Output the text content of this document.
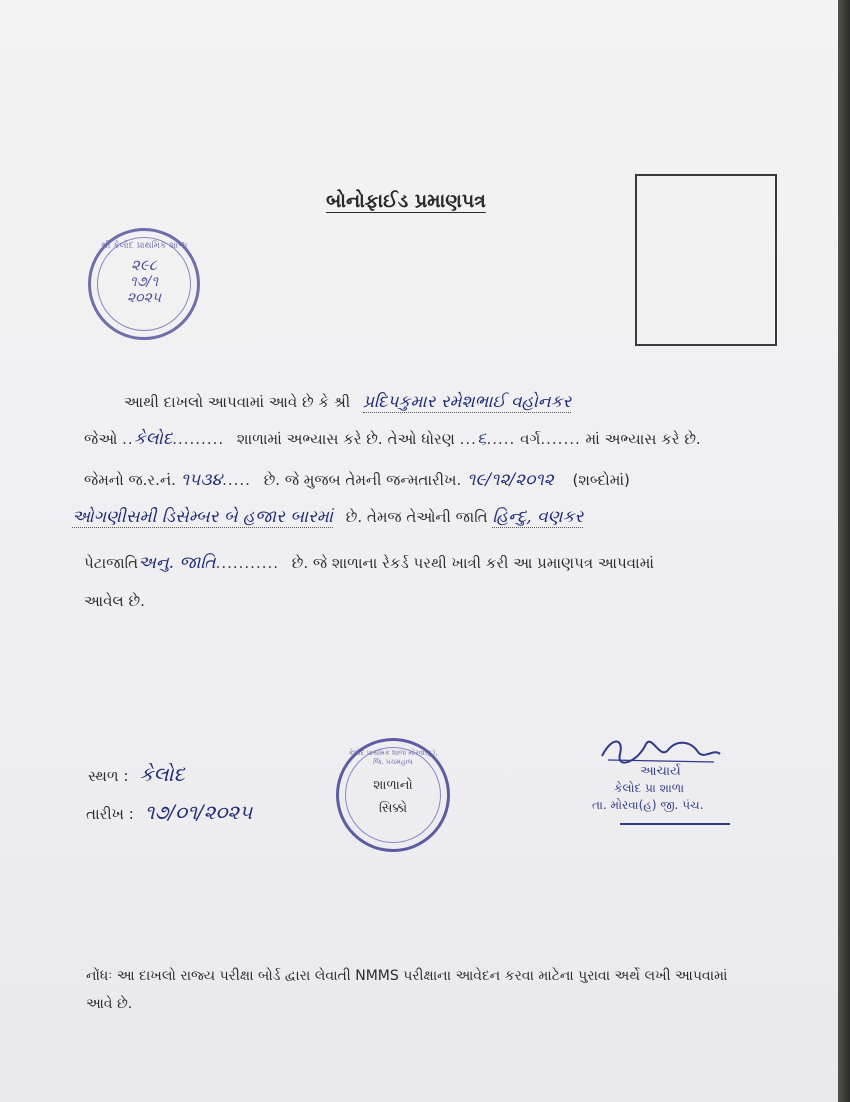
બોનોફાઈડ પ્રમાણપત્ર
શ્રી કેલોદ પ્રાથમિક શાળા
૨૯૮
૧૭/૧
૨૦૨૫
આથી દાખલો આપવામાં આવે છે કે શ્રી પ્રદિપકુમાર રમેશભાઈ વહોનકર
જેઓ ..કેલોદ......... શાળામાં અભ્યાસ કરે છે. તેઓ ધોરણ ...૬..... વર્ગ....... માં અભ્યાસ કરે છે.
જેમનો જ.ર.નં. ૧૫૩૪..... છે. જે મુજબ તેમની જન્મતારીખ. ૧૯/૧૨/૨૦૧૨ (શબ્દોમાં)
ઓગણીસમી ડિસેમ્બર બે હજાર બારમાં છે. તેમજ તેઓની જાતિ હિન્દુ, વણકર
પેટાજાતિઅનુ. જાતિ........... છે. જે શાળાના રેકર્ડ પરથી ખાત્રી કરી આ પ્રમાણપત્ર આપવામાં
આવેલ છે.
સ્થળ : કેલોદ
તારીખ : ૧૭/૦૧/૨૦૨૫
કેલોદ પ્રાથમિક શાળા મોરવા(હ), જિ. પંચમહાલ
શાળાનો
સિક્કો
આચાર્ય
કેલોદ પ્રા શાળા
તા. મોરવા(હ) જી. પંચ.
નોંધઃ આ દાખલો રાજ્ય પરીક્ષા બોર્ડ દ્વારા લેવાતી NMMS પરીક્ષાના આવેદન કરવા માટેના પુરાવા અર્થે લખી આપવામાં આવે છે.
